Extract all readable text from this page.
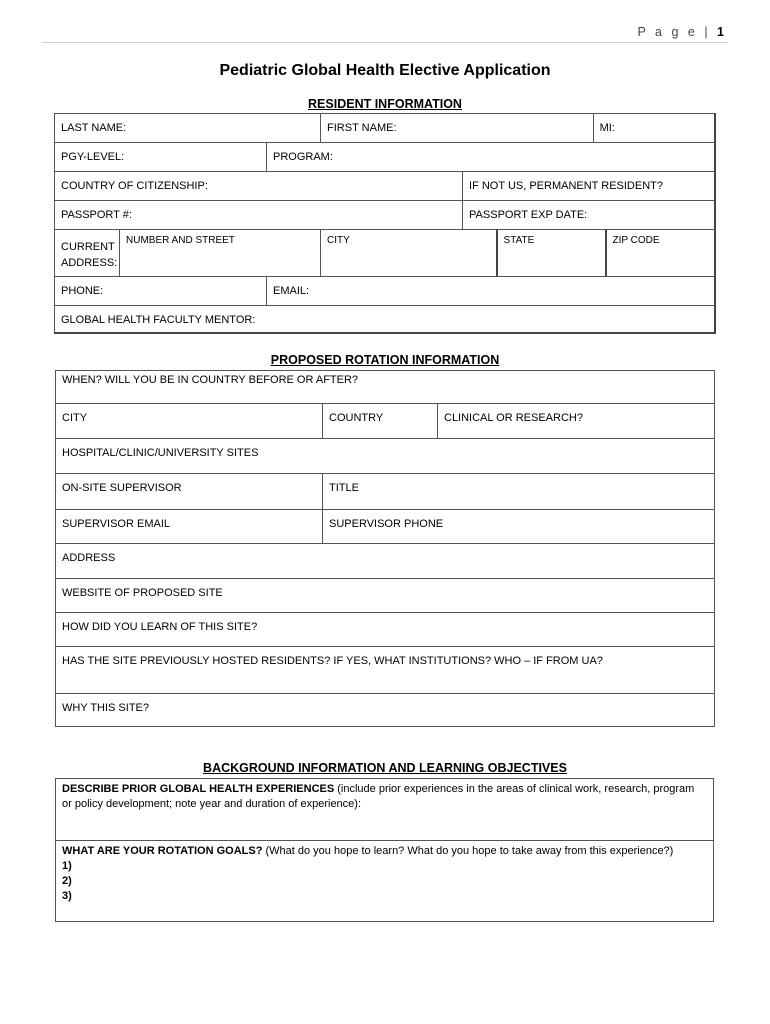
P a g e | 1
Pediatric Global Health Elective Application
RESIDENT INFORMATION
LAST NAME:			FIRST NAME: MI:			

PGY-LEVEL:		PROGRAM:				
COUNTRY OF CITIZENSHIP:				IF NOT US, PERMANENT RESIDENT?		
PASSPORT #:				PASSPORT EXP DATE:		
CURRENT
ADDRESS:	NUMBER AND STREET		CITY		STATE	ZIP CODE
PHONE:		EMAIL:				
GLOBAL HEALTH FACULTY MENTOR:						
PROPOSED ROTATION INFORMATION
WHEN? WILL YOU BE IN COUNTRY BEFORE OR AFTER?		
CITY	COUNTRY	CLINICAL OR RESEARCH?
HOSPITAL/CLINIC/UNIVERSITY SITES		
ON-SITE SUPERVISOR	TITLE	
SUPERVISOR EMAIL	SUPERVISOR PHONE	
ADDRESS		
WEBSITE OF PROPOSED SITE		
HOW DID YOU LEARN OF THIS SITE?		
HAS THE SITE PREVIOUSLY HOSTED RESIDENTS? IF YES, WHAT INSTITUTIONS? WHO – IF FROM UA?		
WHY THIS SITE?		
BACKGROUND INFORMATION AND LEARNING OBJECTIVES
DESCRIBE PRIOR GLOBAL HEALTH EXPERIENCES (include prior experiences in the areas of clinical work, research, program or policy development; note year and duration of experience):
WHAT ARE YOUR ROTATION GOALS? (What do you hope to learn? What do you hope to take away from this experience?)
1)
2)
3)
